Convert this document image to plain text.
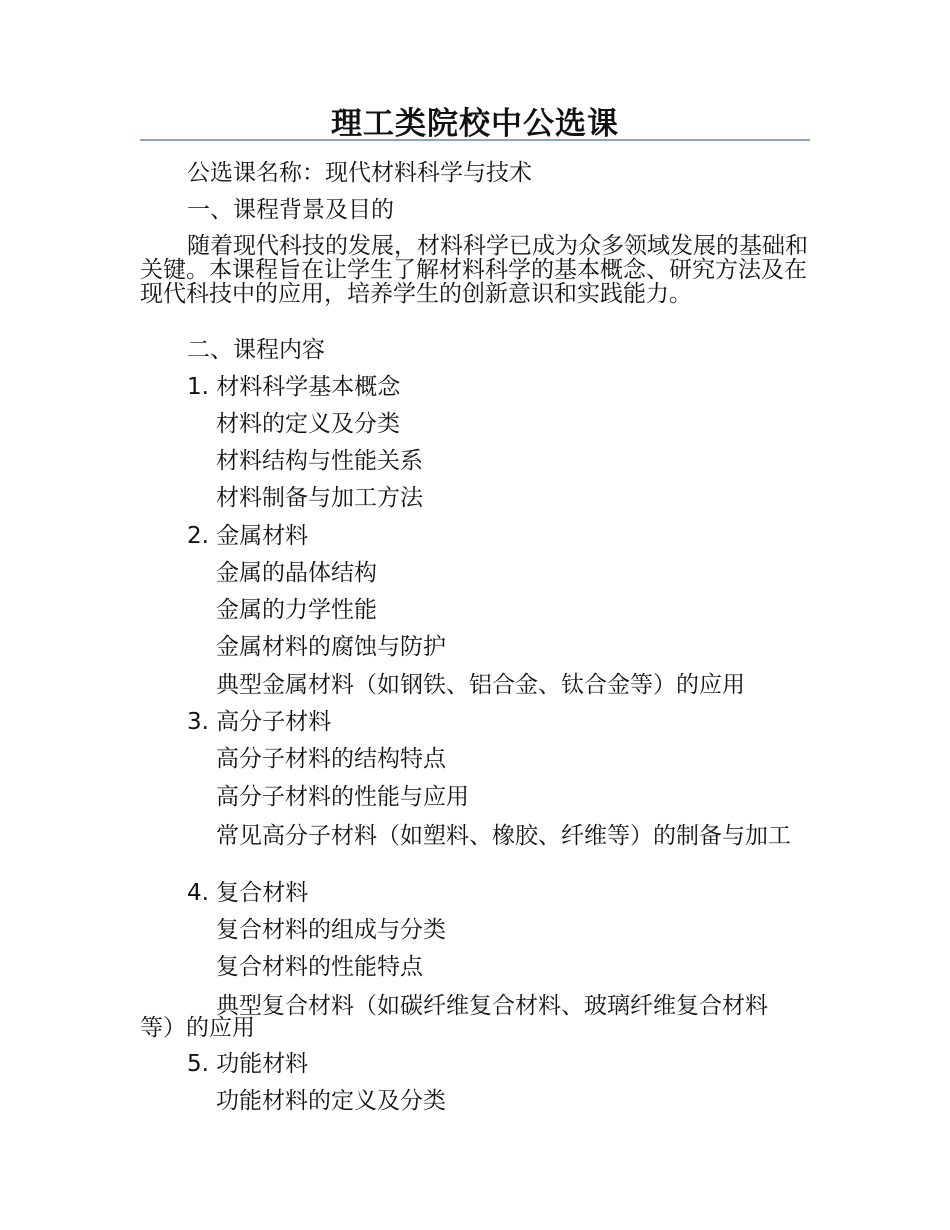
理工类院校中公选课
公选课名称：现代材料科学与技术
一、课程背景及目的
随着现代科技的发展，材料科学已成为众多领域发展的基础和关键。本课程旨在让学生了解材料科学的基本概念、研究方法及在现代科技中的应用，培养学生的创新意识和实践能力。
二、课程内容
1. 材料科学基本概念
材料的定义及分类
材料结构与性能关系
材料制备与加工方法
2. 金属材料
金属的晶体结构
金属的力学性能
金属材料的腐蚀与防护
典型金属材料（如钢铁、铝合金、钛合金等）的应用
3. 高分子材料
高分子材料的结构特点
高分子材料的性能与应用
常见高分子材料（如塑料、橡胶、纤维等）的制备与加工
4. 复合材料
复合材料的组成与分类
复合材料的性能特点
典型复合材料（如碳纤维复合材料、玻璃纤维复合材料等）的应用
5. 功能材料
功能材料的定义及分类
